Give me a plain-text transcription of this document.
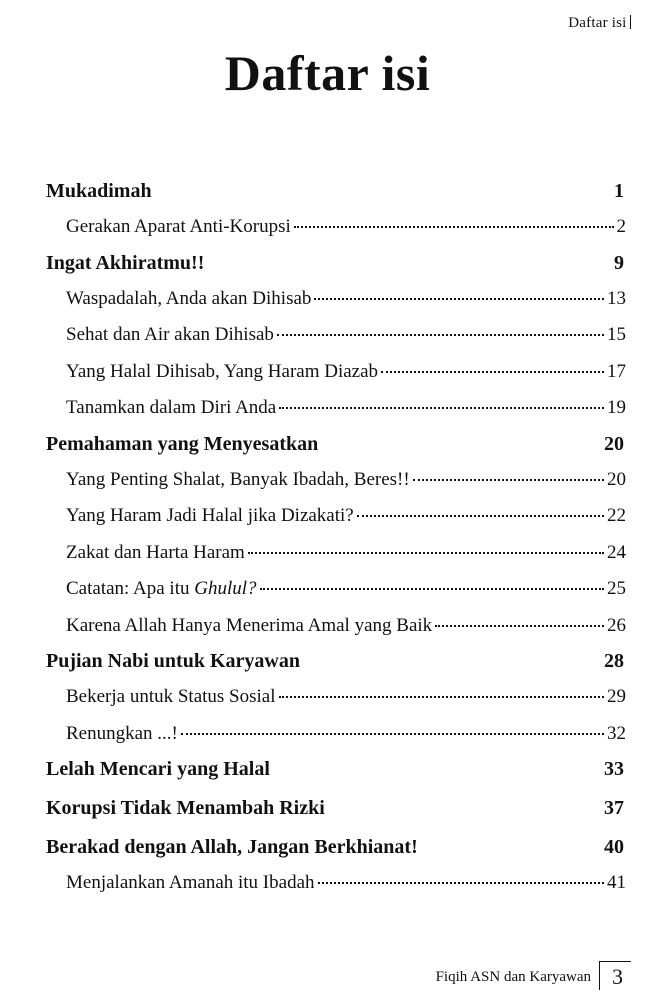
Daftar isi
Daftar isi
Mukadimah	1
Gerakan Aparat Anti-Korupsi	2
Ingat Akhiratmu!!	9
Waspadalah, Anda akan Dihisab	13
Sehat dan Air akan Dihisab	15
Yang Halal Dihisab, Yang Haram Diazab	17
Tanamkan dalam Diri Anda	19
Pemahaman yang Menyesatkan	20
Yang Penting Shalat, Banyak Ibadah, Beres!!	20
Yang Haram Jadi Halal jika Dizakati?	22
Zakat dan Harta Haram	24
Catatan: Apa itu Ghulul?	25
Karena Allah Hanya Menerima Amal yang Baik	26
Pujian Nabi untuk Karyawan	28
Bekerja untuk Status Sosial	29
Renungkan ...!	32
Lelah Mencari yang Halal	33
Korupsi Tidak Menambah Rizki	37
Berakad dengan Allah, Jangan Berkhianat!	40
Menjalankan Amanah itu Ibadah	41
Fiqih ASN dan Karyawan 3
